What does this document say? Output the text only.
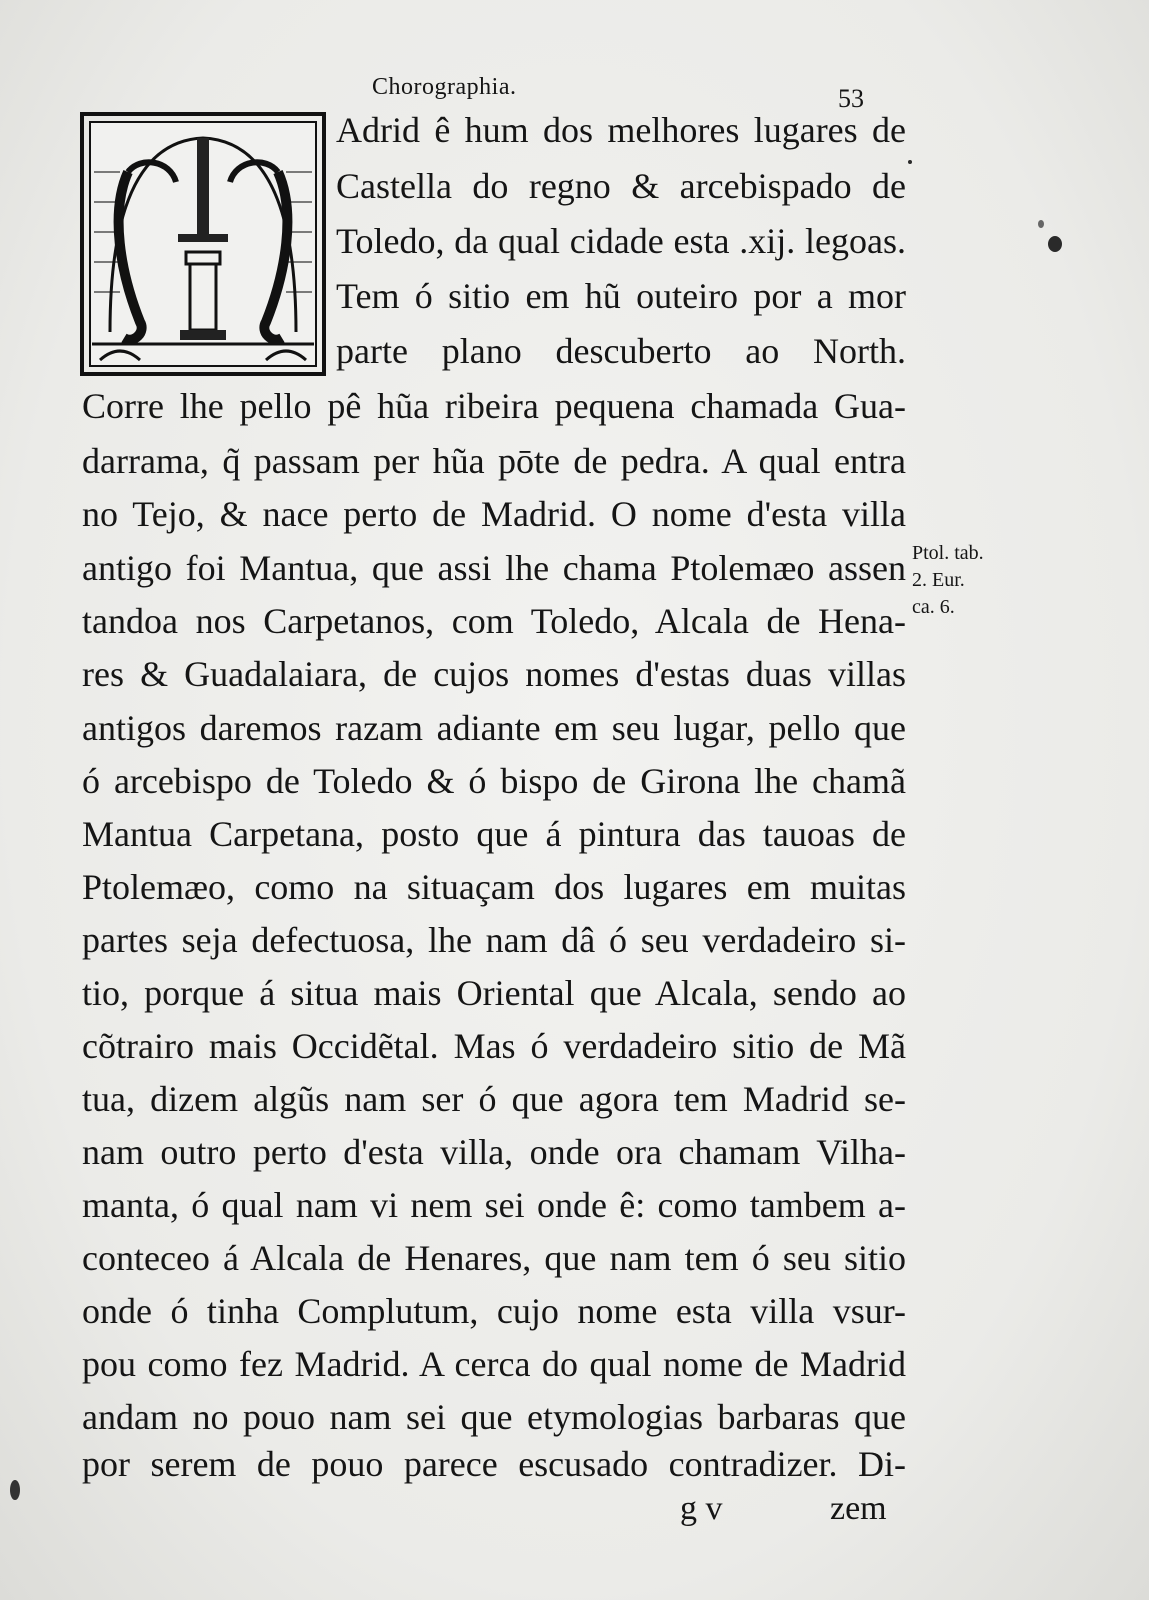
Chorographia.	53
Adrid ê hum dos melhores lugares de
Castella do regno & arcebispado de
Toledo, da qual cidade esta .xij. legoas.
Tem ó sitio em hũ outeiro por a mor
parte plano descuberto ao North.
Corre lhe pello pê hũa ribeira pequena chamada Gua-
darrama, q̃ passam per hũa pōte de pedra. A qual entra
no Tejo, & nace perto de Madrid. O nome d'esta villa
antigo foi Mantua, que assi lhe chama Ptolemæo assen
tandoa nos Carpetanos, com Toledo, Alcala de Hena-
res & Guadalaiara, de cujos nomes d'estas duas villas
antigos daremos razam adiante em seu lugar, pello que
ó arcebispo de Toledo & ó bispo de Girona lhe chamã
Mantua Carpetana, posto que á pintura das tauoas de
Ptolemæo, como na situaçam dos lugares em muitas
partes seja defectuosa, lhe nam dâ ó seu verdadeiro si-
tio, porque á situa mais Oriental que Alcala, sendo ao
cõtrairo mais Occidẽtal. Mas ó verdadeiro sitio de Mã
tua, dizem algũs nam ser ó que agora tem Madrid se-
nam outro perto d'esta villa, onde ora chamam Vilha-
manta, ó qual nam vi nem sei onde ê: como tambem a-
conteceo á Alcala de Henares, que nam tem ó seu sitio
onde ó tinha Complutum, cujo nome esta villa vsur-
pou como fez Madrid. A cerca do qual nome de Madrid
andam no pouo nam sei que etymologias barbaras que
por serem de pouo parece escusado contradizer. Di-
Ptol. tab.
2. Eur.
ca. 6.
g v	zem
